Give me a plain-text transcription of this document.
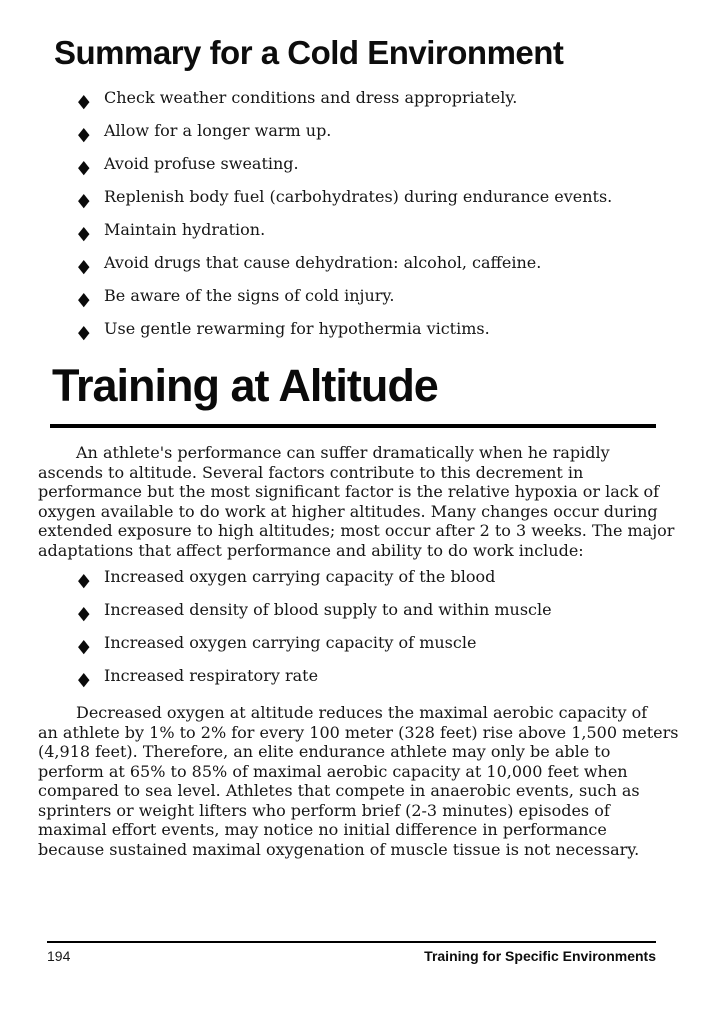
Summary for a Cold Environment
◆ Check weather conditions and dress appropriately.
◆ Allow for a longer warm up.
◆ Avoid profuse sweating.
◆ Replenish body fuel (carbohydrates) during endurance events.
◆ Maintain hydration.
◆ Avoid drugs that cause dehydration: alcohol, caffeine.
◆ Be aware of the signs of cold injury.
◆ Use gentle rewarming for hypothermia victims.
Training at Altitude
An athlete's performance can suffer dramatically when he rapidly
ascends to altitude. Several factors contribute to this decrement in
performance but the most significant factor is the relative hypoxia or lack of
oxygen available to do work at higher altitudes. Many changes occur during
extended exposure to high altitudes; most occur after 2 to 3 weeks. The major
adaptations that affect performance and ability to do work include:
◆ Increased oxygen carrying capacity of the blood
◆ Increased density of blood supply to and within muscle
◆ Increased oxygen carrying capacity of muscle
◆ Increased respiratory rate
Decreased oxygen at altitude reduces the maximal aerobic capacity of
an athlete by 1% to 2% for every 100 meter (328 feet) rise above 1,500 meters
(4,918 feet). Therefore, an elite endurance athlete may only be able to
perform at 65% to 85% of maximal aerobic capacity at 10,000 feet when
compared to sea level. Athletes that compete in anaerobic events, such as
sprinters or weight lifters who perform brief (2-3 minutes) episodes of
maximal effort events, may notice no initial difference in performance
because sustained maximal oxygenation of muscle tissue is not necessary.
194	Training for Specific Environments
